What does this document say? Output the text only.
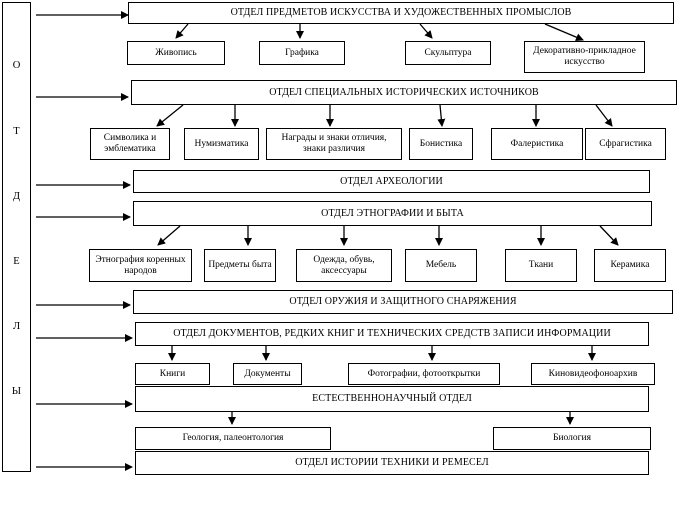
О
Т
Д
Е
Л
Ы
ОТДЕЛ ПРЕДМЕТОВ ИСКУССТВА И ХУДОЖЕСТВЕННЫХ ПРОМЫСЛОВ
Живопись	Графика	Скульптура	Декоративно-прикладное искусство
ОТДЕЛ СПЕЦИАЛЬНЫХ ИСТОРИЧЕСКИХ ИСТОЧНИКОВ
Символика и эмблематика
Нумизматика
Награды и знаки отличия, знаки различия
Бонистика	Фалеристика	Сфрагистика
ОТДЕЛ АРХЕОЛОГИИ
ОТДЕЛ ЭТНОГРАФИИ И БЫТА
Этнография коренных народов
Предметы быта
Одежда, обувь, аксессуары
Мебель	Ткани	Керамика
ОТДЕЛ ОРУЖИЯ И ЗАЩИТНОГО СНАРЯЖЕНИЯ
ОТДЕЛ ДОКУМЕНТОВ, РЕДКИХ КНИГ И ТЕХНИЧЕСКИХ СРЕДСТВ ЗАПИСИ ИНФОРМАЦИИ
Книги	Документы	Фотографии, фотооткрытки	Киновидеофоноархив
ЕСТЕСТВЕННОНАУЧНЫЙ ОТДЕЛ
Геология, палеонтология	Биология
ОТДЕЛ ИСТОРИИ ТЕХНИКИ И РЕМЕСЕЛ
